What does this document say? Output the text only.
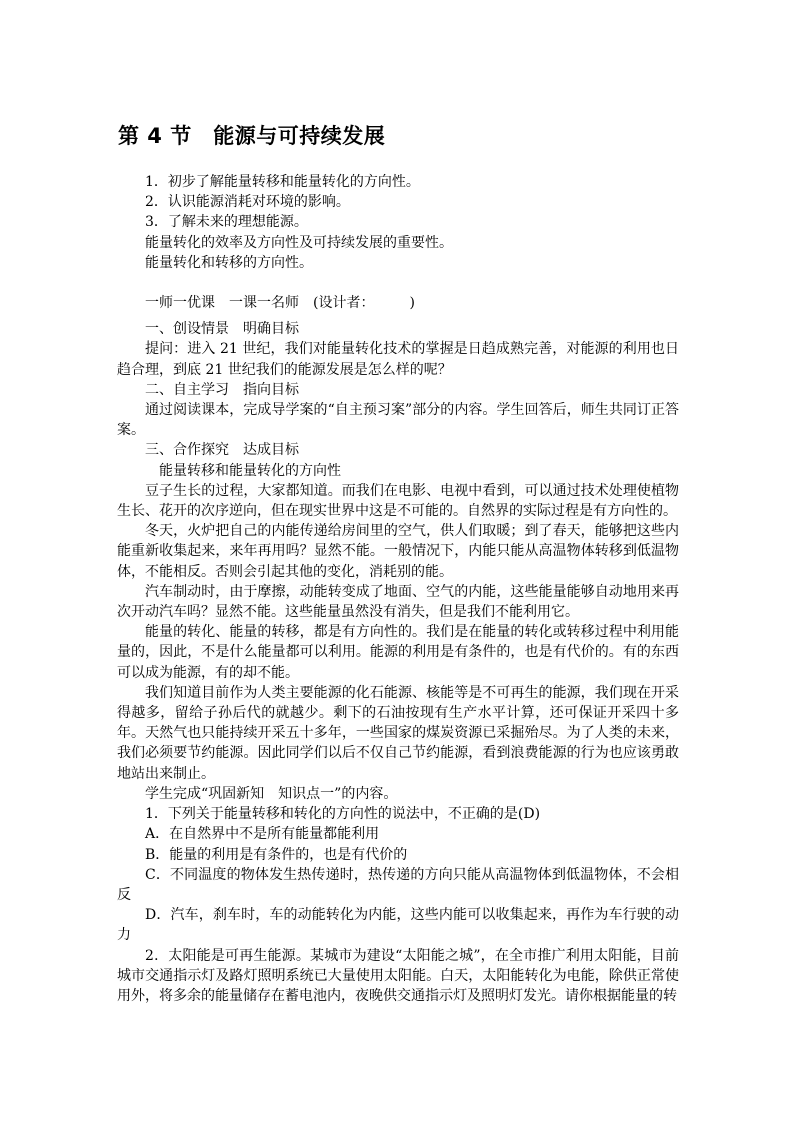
第 4 节　能源与可持续发展

1．初步了解能量转移和能量转化的方向性。

2．认识能源消耗对环境的影响。

3．了解未来的理想能源。

能量转化的效率及方向性及可持续发展的重要性。

能量转化和转移的方向性。

一师一优课　一课一名师　(设计者：　　　)

一、创设情景　明确目标

提问：进入 21 世纪，我们对能量转化技术的掌握是日趋成熟完善，对能源的利用也日趋合理，到底 21 世纪我们的能源发展是怎么样的呢？

二、自主学习　指向目标

通过阅读课本，完成导学案的“自主预习案”部分的内容。学生回答后，师生共同订正答案。

三、合作探究　达成目标

能量转移和能量转化的方向性

豆子生长的过程，大家都知道。而我们在电影、电视中看到，可以通过技术处理使植物生长、花开的次序逆向，但在现实世界中这是不可能的。自然界的实际过程是有方向性的。

冬天，火炉把自己的内能传递给房间里的空气，供人们取暖；到了春天，能够把这些内能重新收集起来，来年再用吗？显然不能。一般情况下，内能只能从高温物体转移到低温物体，不能相反。否则会引起其他的变化，消耗别的能。

汽车制动时，由于摩擦，动能转变成了地面、空气的内能，这些能量能够自动地用来再次开动汽车吗？显然不能。这些能量虽然没有消失，但是我们不能利用它。

能量的转化、能量的转移，都是有方向性的。我们是在能量的转化或转移过程中利用能量的，因此，不是什么能量都可以利用。能源的利用是有条件的，也是有代价的。有的东西可以成为能源，有的却不能。

我们知道目前作为人类主要能源的化石能源、核能等是不可再生的能源，我们现在开采得越多，留给子孙后代的就越少。剩下的石油按现有生产水平计算，还可保证开采四十多年。天然气也只能持续开采五十多年，一些国家的煤炭资源已采掘殆尽。为了人类的未来，我们必须要节约能源。因此同学们以后不仅自己节约能源，看到浪费能源的行为也应该勇敢地站出来制止。

学生完成“巩固新知　知识点一”的内容。

1．下列关于能量转移和转化的方向性的说法中，不正确的是(D)

A．在自然界中不是所有能量都能利用

B．能量的利用是有条件的，也是有代价的

C．不同温度的物体发生热传递时，热传递的方向只能从高温物体到低温物体，不会相反

D．汽车，刹车时，车的动能转化为内能，这些内能可以收集起来，再作为车行驶的动力

2．太阳能是可再生能源。某城市为建设“太阳能之城”，在全市推广利用太阳能，目前城市交通指示灯及路灯照明系统已大量使用太阳能。白天，太阳能转化为电能，除供正常使用外，将多余的能量储存在蓄电池内，夜晚供交通指示灯及照明灯发光。请你根据能量的转
